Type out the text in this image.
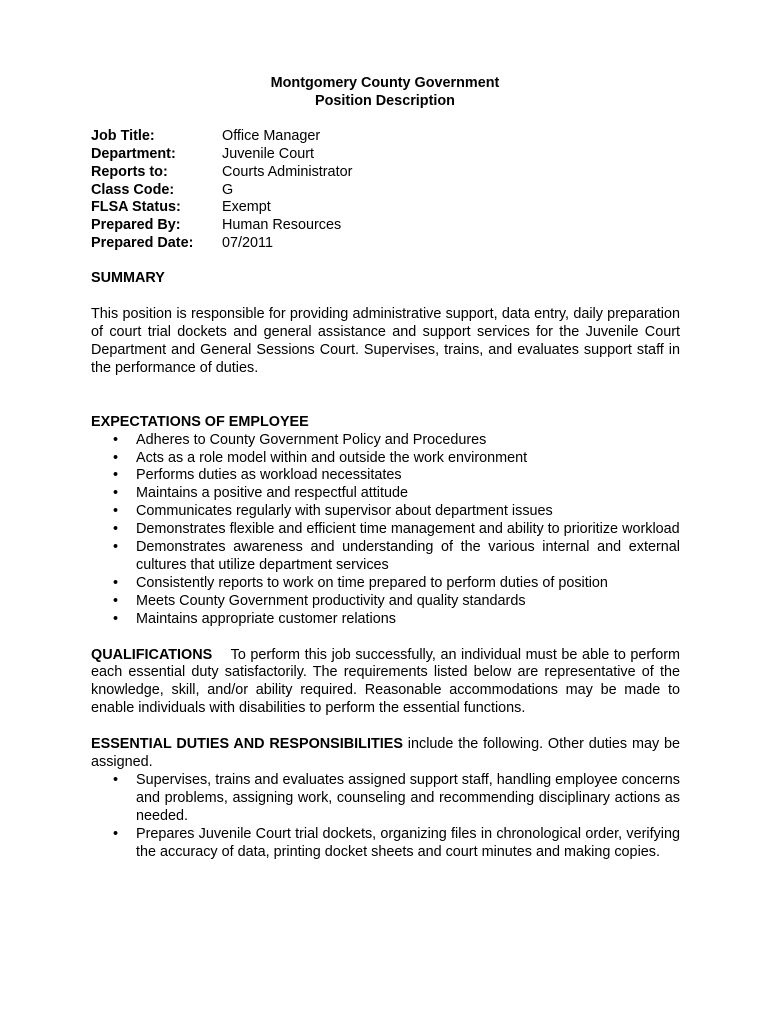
Montgomery County Government
Position Description
Job Title:	Office Manager
Department:	Juvenile Court
Reports to:	Courts Administrator
Class Code:	G
FLSA Status:	Exempt
Prepared By:	Human Resources
Prepared Date:	07/2011
SUMMARY
This position is responsible for providing administrative support, data entry, daily preparation of court trial dockets and general assistance and support services for the Juvenile Court Department and General Sessions Court. Supervises, trains, and evaluates support staff in the performance of duties.
EXPECTATIONS OF EMPLOYEE
• Adheres to County Government Policy and Procedures
• Acts as a role model within and outside the work environment
• Performs duties as workload necessitates
• Maintains a positive and respectful attitude
• Communicates regularly with supervisor about department issues
• Demonstrates flexible and efficient time management and ability to prioritize workload
• Demonstrates awareness and understanding of the various internal and external cultures that utilize department services
• Consistently reports to work on time prepared to perform duties of position
• Meets County Government productivity and quality standards
• Maintains appropriate customer relations
QUALIFICATIONS To perform this job successfully, an individual must be able to perform each essential duty satisfactorily. The requirements listed below are representative of the knowledge, skill, and/or ability required. Reasonable accommodations may be made to enable individuals with disabilities to perform the essential functions.
ESSENTIAL DUTIES AND RESPONSIBILITIES include the following. Other duties may be assigned.
• Supervises, trains and evaluates assigned support staff, handling employee concerns and problems, assigning work, counseling and recommending disciplinary actions as needed.
• Prepares Juvenile Court trial dockets, organizing files in chronological order, verifying the accuracy of data, printing docket sheets and court minutes and making copies.
